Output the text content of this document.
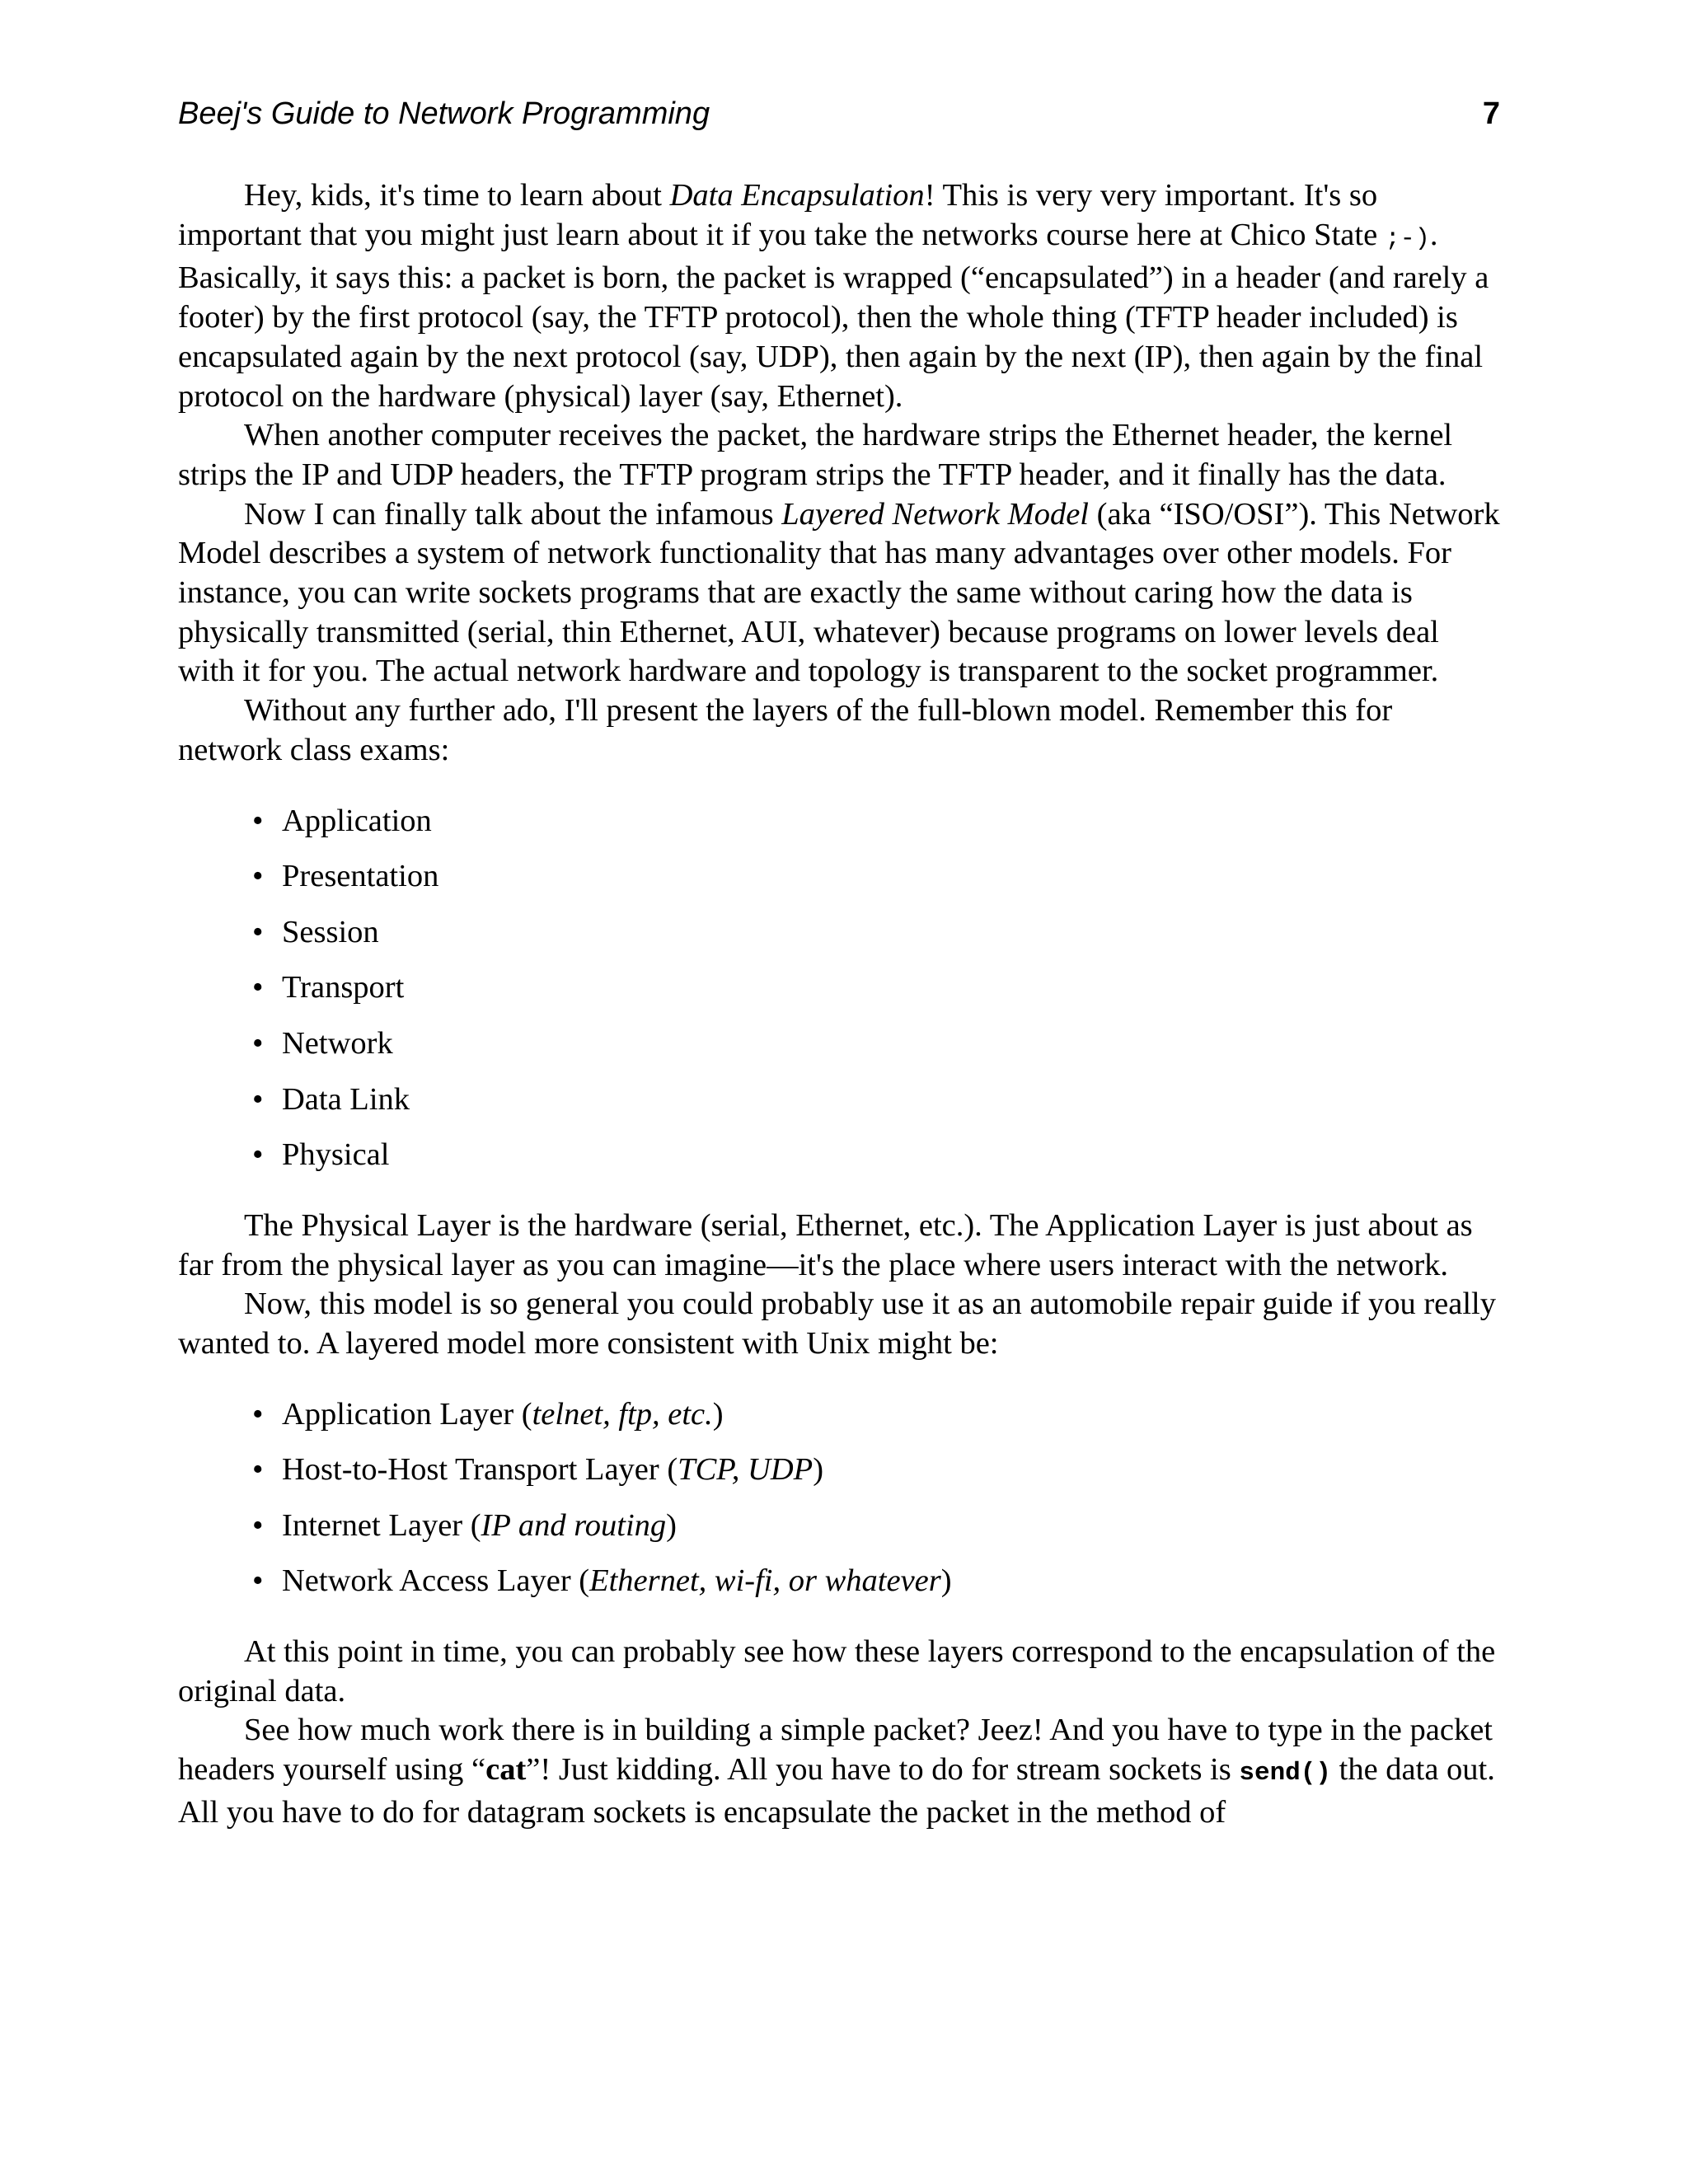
Beej's Guide to Network Programming	7

Hey, kids, it's time to learn about Data Encapsulation! This is very very important. It's so important that you might just learn about it if you take the networks course here at Chico State ;-). Basically, it says this: a packet is born, the packet is wrapped (“encapsulated”) in a header (and rarely a footer) by the first protocol (say, the TFTP protocol), then the whole thing (TFTP header included) is encapsulated again by the next protocol (say, UDP), then again by the next (IP), then again by the final protocol on the hardware (physical) layer (say, Ethernet).

When another computer receives the packet, the hardware strips the Ethernet header, the kernel strips the IP and UDP headers, the TFTP program strips the TFTP header, and it finally has the data.

Now I can finally talk about the infamous Layered Network Model (aka “ISO/OSI”). This Network Model describes a system of network functionality that has many advantages over other models. For instance, you can write sockets programs that are exactly the same without caring how the data is physically transmitted (serial, thin Ethernet, AUI, whatever) because programs on lower levels deal with it for you. The actual network hardware and topology is transparent to the socket programmer.

Without any further ado, I'll present the layers of the full-blown model. Remember this for network class exams:

• Application
• Presentation
• Session
• Transport
• Network
• Data Link
• Physical

The Physical Layer is the hardware (serial, Ethernet, etc.). The Application Layer is just about as far from the physical layer as you can imagine—it's the place where users interact with the network.

Now, this model is so general you could probably use it as an automobile repair guide if you really wanted to. A layered model more consistent with Unix might be:

• Application Layer (telnet, ftp, etc.)
• Host-to-Host Transport Layer (TCP, UDP)
• Internet Layer (IP and routing)
• Network Access Layer (Ethernet, wi-fi, or whatever)

At this point in time, you can probably see how these layers correspond to the encapsulation of the original data.

See how much work there is in building a simple packet? Jeez! And you have to type in the packet headers yourself using “cat”! Just kidding. All you have to do for stream sockets is send() the data out. All you have to do for datagram sockets is encapsulate the packet in the method of
